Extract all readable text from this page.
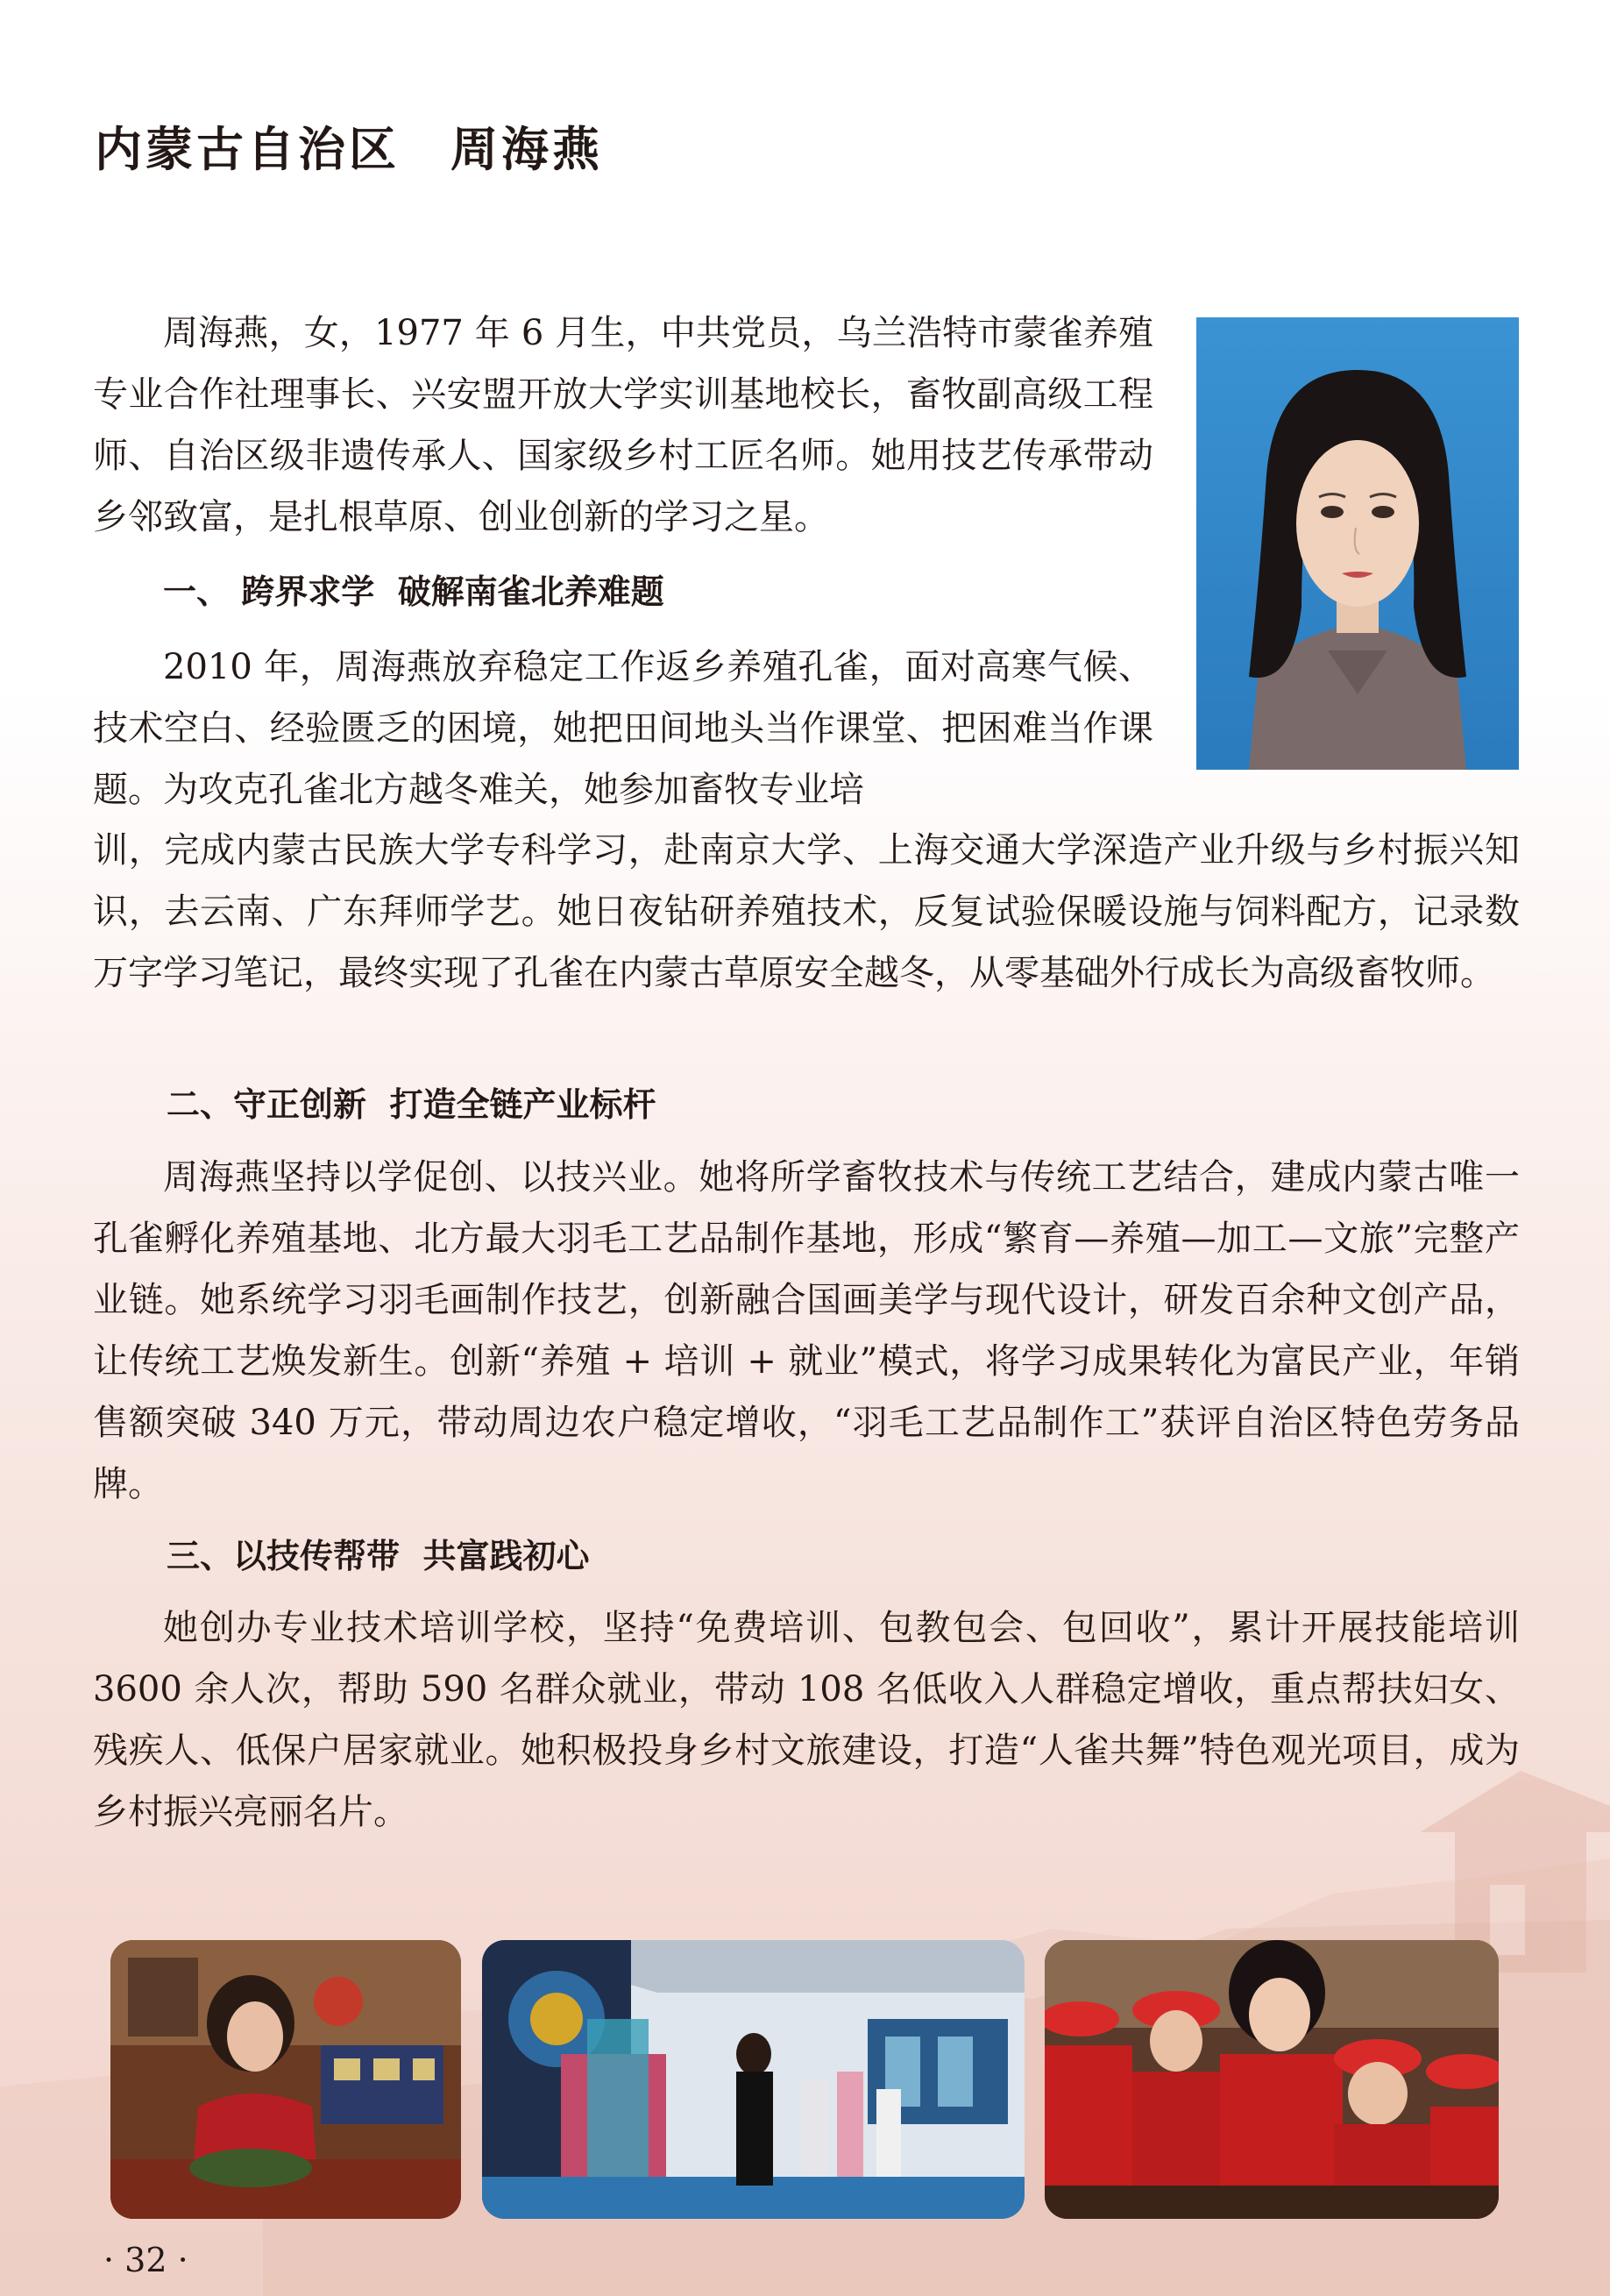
内蒙古自治区　周海燕

周海燕，女，1977 年 6 月生，中共党员，乌兰浩特市蒙雀养殖专业合作社理事长、兴安盟开放大学实训基地校长，畜牧副高级工程师、自治区级非遗传承人、国家级乡村工匠名师。她用技艺传承带动乡邻致富，是扎根草原、创业创新的学习之星。

一、 跨界求学  破解南雀北养难题

2010 年，周海燕放弃稳定工作返乡养殖孔雀，面对高寒气候、技术空白、经验匮乏的困境，她把田间地头当作课堂、把困难当作课题。为攻克孔雀北方越冬难关，她参加畜牧专业培

训，完成内蒙古民族大学专科学习，赴南京大学、上海交通大学深造产业升级与乡村振兴知识，去云南、广东拜师学艺。她日夜钻研养殖技术，反复试验保暖设施与饲料配方，记录数万字学习笔记，最终实现了孔雀在内蒙古草原安全越冬，从零基础外行成长为高级畜牧师。

二、守正创新  打造全链产业标杆

周海燕坚持以学促创、以技兴业。她将所学畜牧技术与传统工艺结合，建成内蒙古唯一孔雀孵化养殖基地、北方最大羽毛工艺品制作基地，形成“繁育—养殖—加工—文旅”完整产业链。她系统学习羽毛画制作技艺，创新融合国画美学与现代设计，研发百余种文创产品，让传统工艺焕发新生。创新“养殖 + 培训 + 就业”模式，将学习成果转化为富民产业，年销售额突破 340 万元，带动周边农户稳定增收，“羽毛工艺品制作工”获评自治区特色劳务品牌。

三、以技传帮带  共富践初心

她创办专业技术培训学校，坚持“免费培训、包教包会、包回收”，累计开展技能培训 3600 余人次，帮助 590 名群众就业，带动 108 名低收入人群稳定增收，重点帮扶妇女、残疾人、低保户居家就业。她积极投身乡村文旅建设，打造“人雀共舞”特色观光项目，成为乡村振兴亮丽名片。

· 32 ·
